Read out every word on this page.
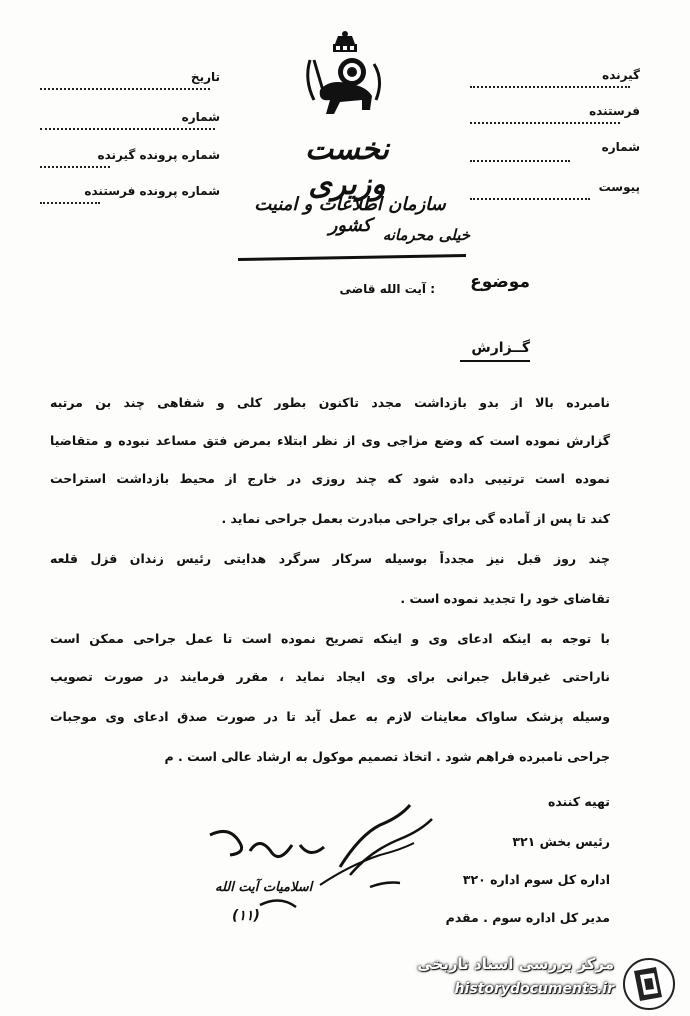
گیرنده
فرستنده
شماره
پیوست
تاریخ
شماره
شماره پرونده گیرنده
شماره پرونده فرستنده
نخست وزیری
سازمان اطلاعات و امنیت کشور خیلی محرمانه
موضوع
: آیت الله قاضی
گــزارش
نامبرده بالا از بدو بازداشت مجدد تاکنون بطور کلی و شفاهی چند بن مرتبه
گزارش نموده است که وضع مزاجی وی از نظر ابتلاء بمرض فتق مساعد نبوده و متقاضیا
نموده است ترتیبی داده شود که چند روزی در خارج از محیط بازداشت استراحت
کند تا پس از آماده گی برای جراحی مبادرت بعمل جراحی نماید .
چند روز قبل نیز مجدداً بوسیله سرکار سرگرد هدایتی رئیس زندان قزل قلعه
تقاضای خود را تجدید نموده است .
با توجه به اینکه ادعای وی و اینکه تصریح نموده است تا عمل جراحی ممکن است
ناراحتی غیرقابل جبرانی برای وی ایجاد نماید ، مقرر فرمایند در صورت تصویب
وسیله پزشک ساواک معاینات لازم به عمل آید تا در صورت صدق ادعای وی موجبات
جراحی نامبرده فراهم شود . اتخاذ تصمیم موکول به ارشاد عالی است . م
تهیه کننده
رئیس بخش ۳۲۱
اداره کل سوم اداره ۳۲۰
مدیر کل اداره سوم . مقدم
اسلامیات آیت الله
(۱۱)
مرکز بررسی اسناد تاریخی
historydocuments.ir
